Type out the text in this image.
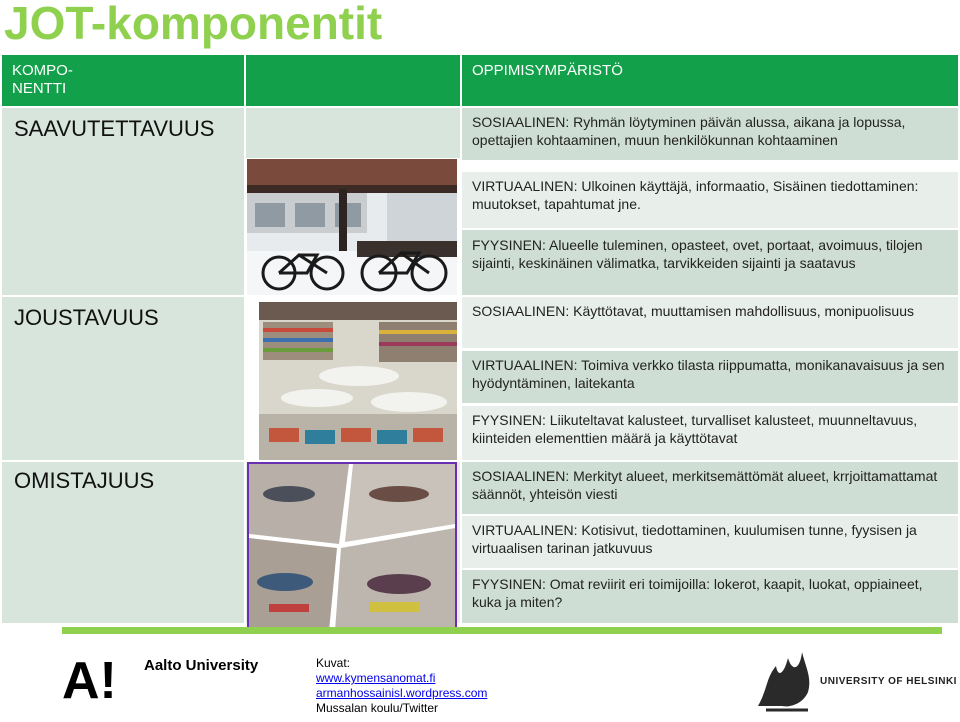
JOT-komponentit
KOMPO-
NENTTI
OPPIMISYMPÄRISTÖ
SAAVUTETTAVUUS
JOUSTAVUUS
OMISTAJUUS
SOSIAALINEN: Ryhmän löytyminen päivän alussa, aikana ja lopussa, opettajien kohtaaminen, muun henkilökunnan kohtaaminen
VIRTUAALINEN: Ulkoinen käyttäjä, informaatio, Sisäinen tiedottaminen: muutokset, tapahtumat jne.
FYYSINEN: Alueelle tuleminen, opasteet, ovet, portaat, avoimuus, tilojen sijainti, keskinäinen välimatka, tarvikkeiden sijainti ja saatavus
SOSIAALINEN: Käyttötavat, muuttamisen mahdollisuus, monipuolisuus
VIRTUAALINEN: Toimiva verkko tilasta riippumatta, monikanavaisuus ja sen hyödyntäminen, laitekanta
FYYSINEN: Liikuteltavat kalusteet, turvalliset kalusteet, muunneltavuus, kiinteiden elementtien määrä ja käyttötavat
SOSIAALINEN: Merkityt alueet, merkitsemättömät alueet, krrjoittamattamat säännöt, yhteisön viesti
VIRTUAALINEN: Kotisivut, tiedottaminen, kuulumisen tunne, fyysisen ja virtuaalisen tarinan jatkuvuus
FYYSINEN: Omat reviirit eri toimijoilla: lokerot, kaapit, luokat, oppiaineet, kuka ja miten?
A! Aalto University	Kuvat:
www.kymensanomat.fi
armanhossainisl.wordpress.com
Mussalan koulu/Twitter
UNIVERSITY OF HELSINKI
